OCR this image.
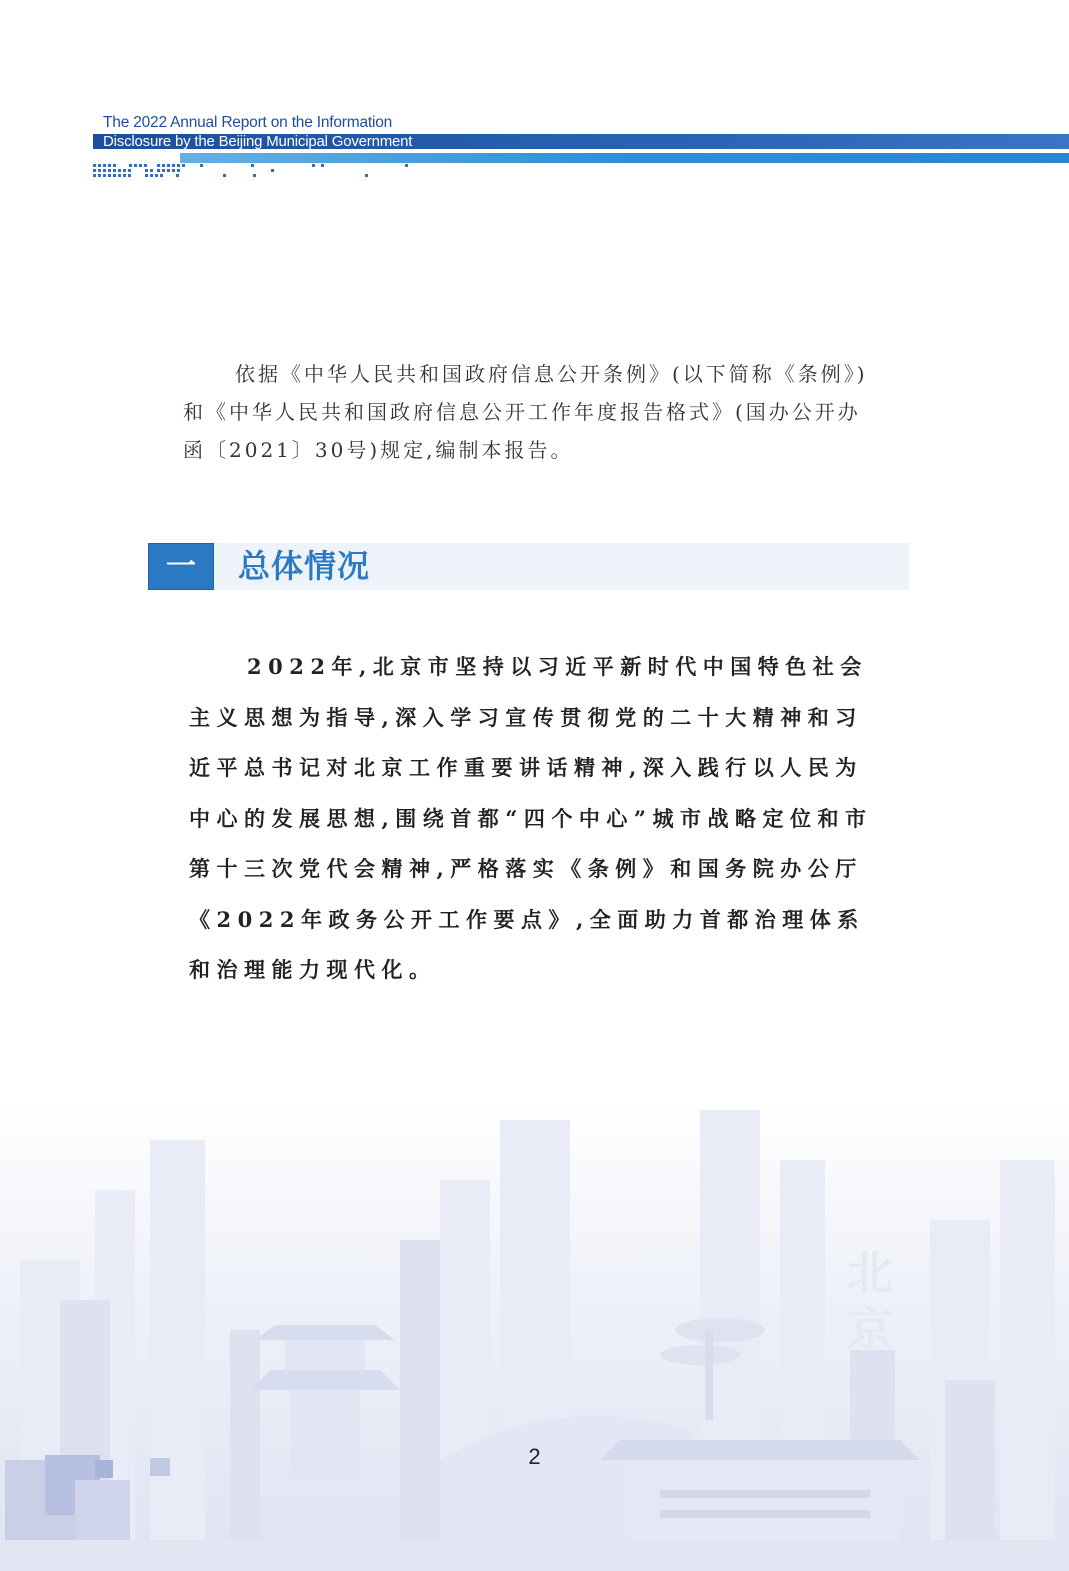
The 2022 Annual Report on the Information
Disclosure by the Beijing Municipal Government

依据《中华人民共和国政府信息公开条例》(以下简称《条例》)和《中华人民共和国政府信息公开工作年度报告格式》(国办公开办函〔2021〕30号)规定,编制本报告。

一	总体情况

2022年,北京市坚持以习近平新时代中国特色社会主义思想为指导,深入学习宣传贯彻党的二十大精神和习近平总书记对北京工作重要讲话精神,深入践行以人民为中心的发展思想,围绕首都“四个中心”城市战略定位和市第十三次党代会精神,严格落实《条例》和国务院办公厅《2022年政务公开工作要点》,全面助力首都治理体系和治理能力现代化。

北京
2
